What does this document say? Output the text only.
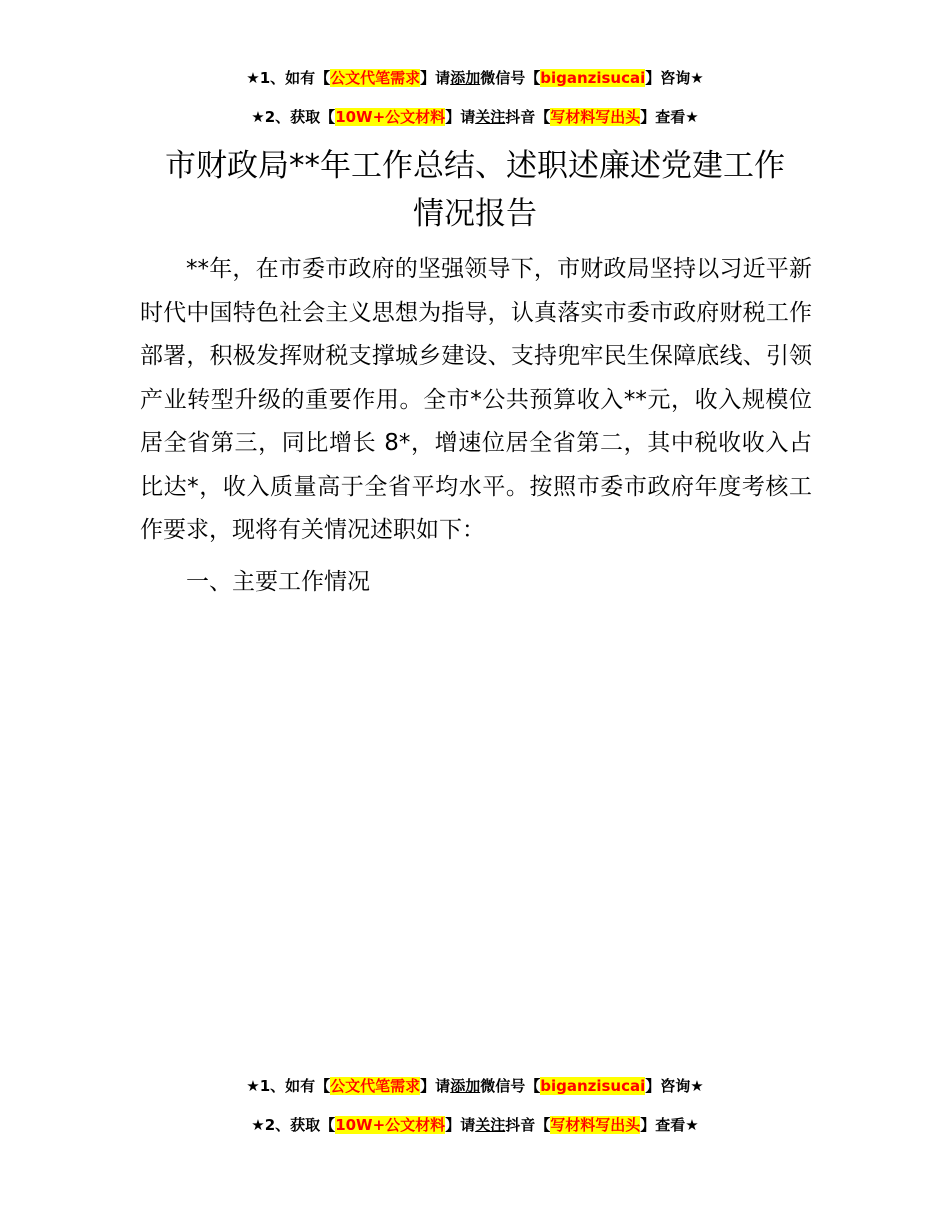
★1、如有【公文代笔需求】请添加微信号【biganzisucai】咨询★
★2、获取【10W+公文材料】请关注抖音【写材料写出头】查看★
市财政局**年工作总结、述职述廉述党建工作
情况报告

**年，在市委市政府的坚强领导下，市财政局坚持以习近平新时代中国特色社会主义思想为指导，认真落实市委市政府财税工作部署，积极发挥财税支撑城乡建设、支持兜牢民生保障底线、引领产业转型升级的重要作用。全市*公共预算收入**元，收入规模位居全省第三，同比增长 8*，增速位居全省第二，其中税收收入占比达*，收入质量高于全省平均水平。按照市委市政府年度考核工作要求，现将有关情况述职如下：

一、主要工作情况

★1、如有【公文代笔需求】请添加微信号【biganzisucai】咨询★
★2、获取【10W+公文材料】请关注抖音【写材料写出头】查看★
